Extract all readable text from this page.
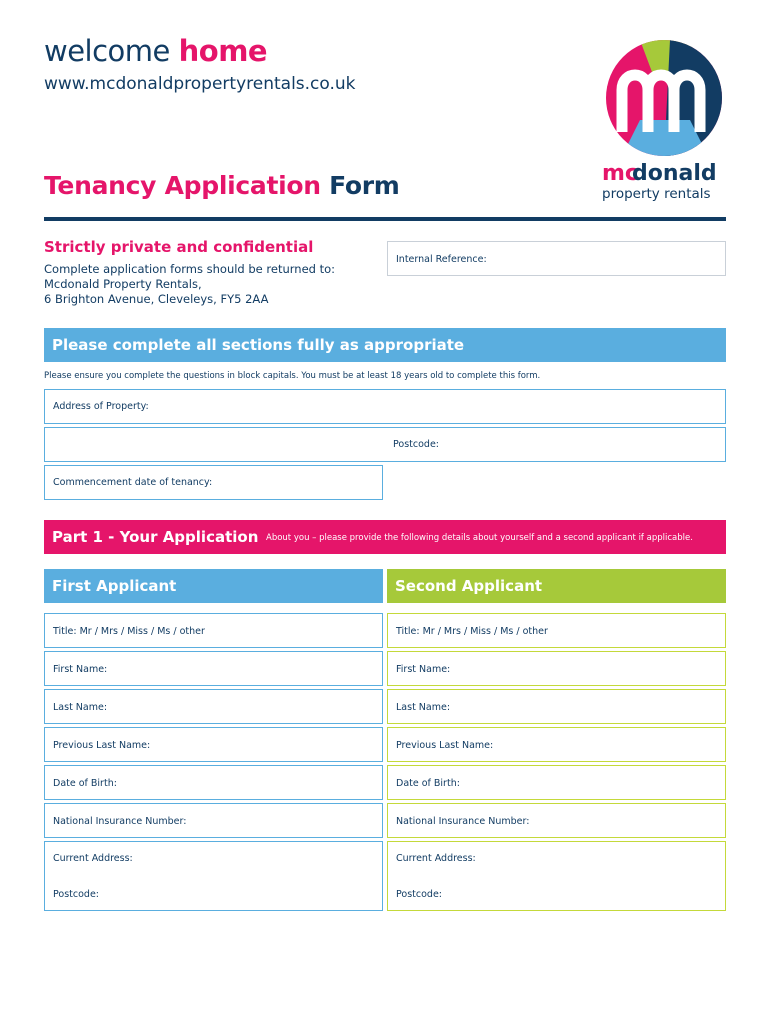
welcome home
www.mcdonaldpropertyrentals.co.uk
mc
donald
property rentals
Tenancy Application Form
Strictly private and confidential
Complete application forms should be returned to:
Mcdonald Property Rentals,
6 Brighton Avenue, Cleveleys, FY5 2AA
Internal Reference:
Please complete all sections fully as appropriate
Please ensure you complete the questions in block capitals. You must be at least 18 years old to complete this form.
Address of Property:
Postcode:
Commencement date of tenancy:
Part 1 - Your Application About you – please provide the following details about yourself and a second applicant if applicable.
First Applicant	Second Applicant
Title: Mr / Mrs / Miss / Ms / other
First Name:
Last Name:
Previous Last Name:
Date of Birth:
National Insurance Number:
Current Address:
Postcode:
Title: Mr / Mrs / Miss / Ms / other
First Name:
Last Name:
Previous Last Name:
Date of Birth:
National Insurance Number:
Current Address:
Postcode:
